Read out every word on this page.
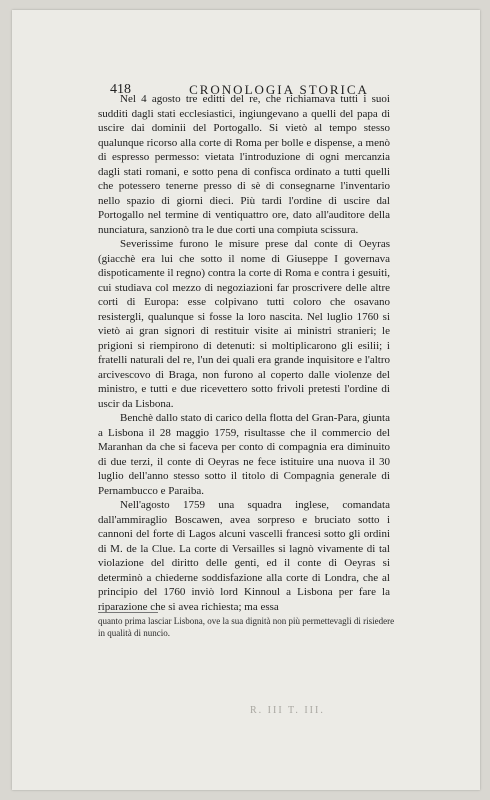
418	CRONOLOGIA STORICA

Nel 4 agosto tre editti del re, che richiamava tutti i suoi sudditi dagli stati ecclesiastici, ingiungevano a quelli del papa di uscire dai dominii del Portogallo. Si vietò al tempo stesso qualunque ricorso alla corte di Roma per bolle e dispense, a menò di espresso permesso: vietata l'introduzione di ogni mercanzia dagli stati romani, e sotto pena di confisca ordinato a tutti quelli che potessero tenerne presso di sè di consegnarne l'inventario nello spazio di giorni dieci. Più tardi l'ordine di uscire dal Portogallo nel termine di ventiquattro ore, dato all'auditore della nunciatura, sanzionò tra le due corti una compiuta scissura.

Severissime furono le misure prese dal conte di Oeyras (giacchè era lui che sotto il nome di Giuseppe I governava dispoticamente il regno) contra la corte di Roma e contra i gesuiti, cui studiava col mezzo di negoziazioni far proscrivere delle altre corti di Europa: esse colpivano tutti coloro che osavano resistergli, qualunque si fosse la loro nascita. Nel luglio 1760 si vietò ai gran signori di restituir visite ai ministri stranieri; le prigioni si riempirono di detenuti: si moltiplicarono gli esilii; i fratelli naturali del re, l'un dei quali era grande inquisitore e l'altro arcivescovo di Braga, non furono al coperto dalle violenze del ministro, e tutti e due ricevettero sotto frivoli pretesti l'ordine di uscir da Lisbona.

Benchè dallo stato di carico della flotta del Gran-Para, giunta a Lisbona il 28 maggio 1759, risultasse che il commercio del Maranhan da che si faceva per conto di compagnia era diminuito di due terzi, il conte di Oeyras ne fece istituire una nuova il 30 luglio dell'anno stesso sotto il titolo di Compagnia generale di Pernambucco e Paraiba.

Nell'agosto 1759 una squadra inglese, comandata dall'ammiraglio Boscawen, avea sorpreso e bruciato sotto i cannoni del forte di Lagos alcuni vascelli francesi sotto gli ordini di M. de la Clue. La corte di Versailles si lagnò vivamente di tal violazione del diritto delle genti, ed il conte di Oeyras si determinò a chiederne soddisfazione alla corte di Londra, che al principio del 1760 inviò lord Kinnoul a Lisbona per fare la riparazione che si avea richiesta; ma essa

quanto prima lasciar Lisbona, ove la sua dignità non più permettevagli di risiedere in qualità di nuncio.
R. III T. III.
